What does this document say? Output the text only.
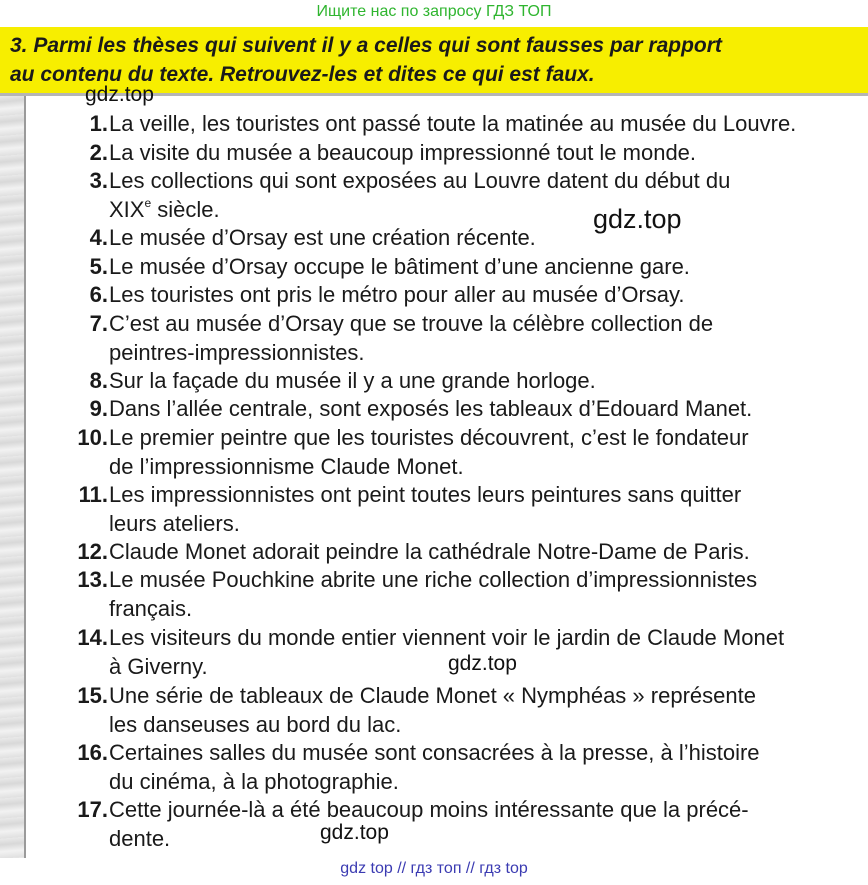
Ищите нас по запросу ГДЗ ТОП
3. Parmi les thèses qui suivent il y a celles qui sont fausses par rapport
au contenu du texte. Retrouvez-les et dites ce qui est faux.
1. La veille, les touristes ont passé toute la matinée au musée du Louvre.
2. La visite du musée a beaucoup impressionné tout le monde.
3. Les collections qui sont exposées au Louvre datent du début du
XIXe siècle.
4. Le musée d’Orsay est une création récente.
5. Le musée d’Orsay occupe le bâtiment d’une ancienne gare.
6. Les touristes ont pris le métro pour aller au musée d’Orsay.
7. C’est au musée d’Orsay que se trouve la célèbre collection de
peintres-impressionnistes.
8. Sur la façade du musée il y a une grande horloge.
9. Dans l’allée centrale, sont exposés les tableaux d’Edouard Manet.
10. Le premier peintre que les touristes découvrent, c’est le fondateur
de l’impressionnisme Claude Monet.
11. Les impressionnistes ont peint toutes leurs peintures sans quitter
leurs ateliers.
12. Claude Monet adorait peindre la cathédrale Notre-Dame de Paris.
13. Le musée Pouchkine abrite une riche collection d’impressionnistes
français.
14. Les visiteurs du monde entier viennent voir le jardin de Claude Monet
à Giverny.
15. Une série de tableaux de Claude Monet « Nymphéas » représente
les danseuses au bord du lac.
16. Certaines salles du musée sont consacrées à la presse, à l’histoire
du cinéma, à la photographie.
17. Cette journée-là a été beaucoup moins intéressante que la précé-
dente.
gdz.top
gdz.top
gdz.top
gdz.top
gdz top // гдз топ // гдз top
